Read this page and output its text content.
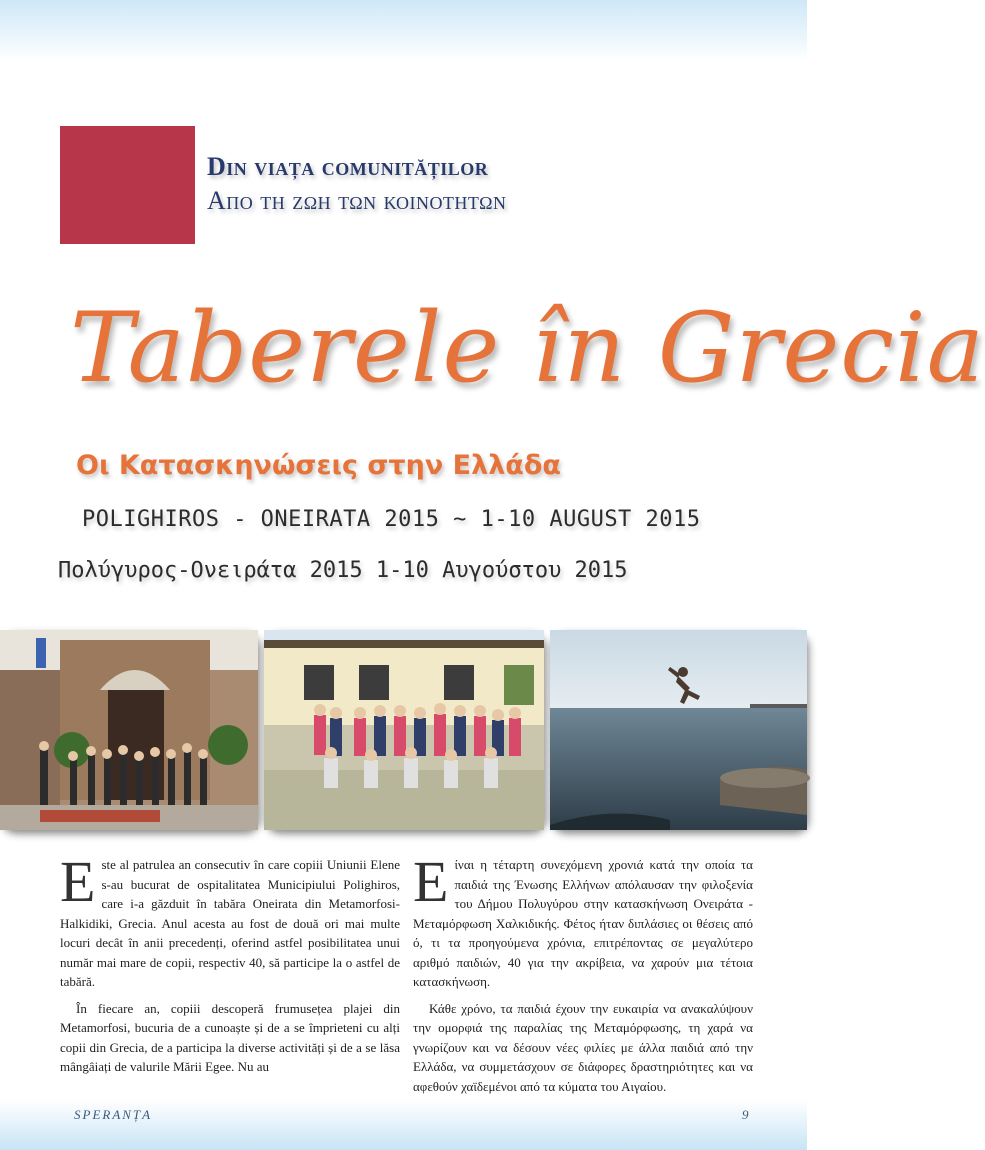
Din viața comunităților
Απο τη ζωη των κοινοτητων
Taberele în Grecia
Οι Κατασκηνώσεις στην Ελλάδα
POLIGHIROS - ONEIRATA 2015 ~ 1-10 AUGUST 2015
Πολύγυρος-Ονειράτα 2015 1-10 Αυγούστου 2015

Este al patrulea an consecutiv în care copiii Uniunii Elene s-au bucurat de ospitalitatea Municipiului Polighiros, care i-a găzduit în tabăra Oneirata din Metamorfosi-Halkidiki, Grecia. Anul acesta au fost de două ori mai multe locuri decât în anii precedenți, oferind astfel posibilitatea unui număr mai mare de copii, respectiv 40, să participe la o astfel de tabără.

În fiecare an, copiii descoperă frumusețea plajei din Metamorfosi, bucuria de a cunoaște și de a se împrieteni cu alți copii din Grecia, de a participa la diverse activități și de a se lăsa mângâiați de valurile Mării Egee. Nu au

Είναι η τέταρτη συνεχόμενη χρονιά κατά την οποία τα παιδιά της Ένωσης Ελλήνων απόλαυσαν την φιλοξενία του Δήμου Πολυγύρου στην κατασκήνωση Ονειράτα - Μεταμόρφωση Χαλκιδικής. Φέτος ήταν διπλάσιες οι θέσεις από ό, τι τα προηγούμενα χρόνια, επιτρέποντας σε μεγαλύτερο αριθμό παιδιών, 40 για την ακρίβεια, να χαρούν μια τέτοια κατασκήνωση.

Κάθε χρόνο, τα παιδιά έχουν την ευκαιρία να ανακαλύψουν την ομορφιά της παραλίας της Μεταμόρφωσης, τη χαρά να γνωρίζουν και να δέσουν νέες φιλίες με άλλα παιδιά από την Ελλάδα, να συμμετάσχουν σε διάφορες δραστηριότητες και να αφεθούν χαϊδεμένοι από τα κύματα του Αιγαίου.

SPERANȚA	9
